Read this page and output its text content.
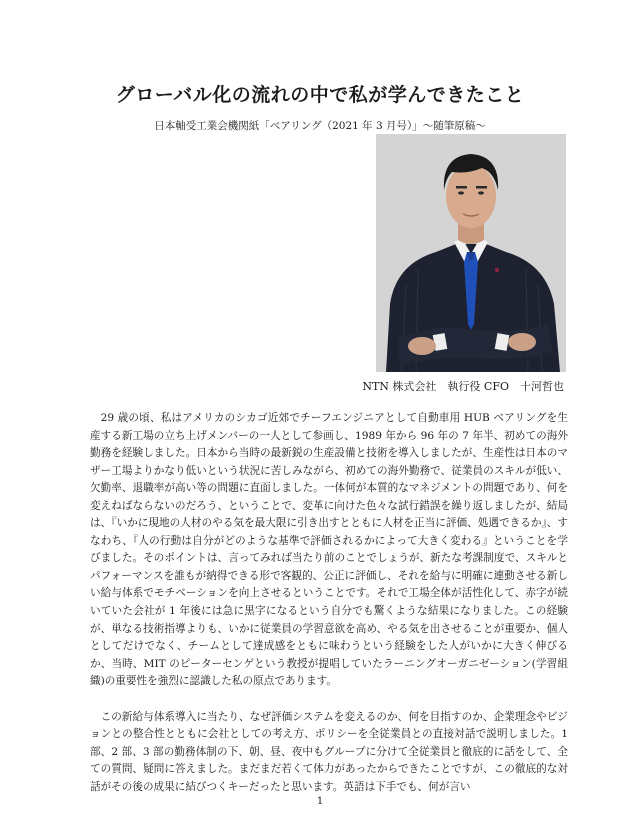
グローバル化の流れの中で私が学んできたこと
日本軸受工業会機関紙「ベアリング（2021 年 3 月号）」～随筆原稿～
NTN 株式会社　執行役 CFO　十河哲也

29 歳の頃、私はアメリカのシカゴ近郊でチーフエンジニアとして自動車用 HUB ベアリングを生産する新工場の立ち上げメンバーの一人として参画し、1989 年から 96 年の 7 年半、初めての海外勤務を経験しました。日本から当時の最新鋭の生産設備と技術を導入しましたが、生産性は日本のマザー工場よりかなり低いという状況に苦しみながら、初めての海外勤務で、従業員のスキルが低い、欠勤率、退職率が高い等の問題に直面しました。一体何が本質的なマネジメントの問題であり、何を変えねばならないのだろう、ということで、変革に向けた色々な試行錯誤を繰り返しましたが、結局は、『いかに現地の人材のやる気を最大限に引き出すとともに人材を正当に評価、処遇できるか』、すなわち、『人の行動は自分がどのような基準で評価されるかによって大きく変わる』ということを学びました。そのポイントは、言ってみれば当たり前のことでしょうが、新たな考課制度で、スキルとパフォーマンスを誰もが納得できる形で客観的、公正に評価し、それを給与に明確に連動させる新しい給与体系でモチベーションを向上させるということです。それで工場全体が活性化して、赤字が続いていた会社が 1 年後には急に黒字になるという自分でも驚くような結果になりました。この経験が、単なる技術指導よりも、いかに従業員の学習意欲を高め、やる気を出させることが重要か、個人としてだけでなく、チームとして達成感をともに味わうという経験をした人がいかに大きく伸びるか、当時、MIT のピーターセンゲという教授が提唱していたラーニングオーガニゼーション(学習組織)の重要性を強烈に認識した私の原点であります。

この新給与体系導入に当たり、なぜ評価システムを変えるのか、何を目指すのか、企業理念やビジョンとの整合性とともに会社としての考え方、ポリシーを全従業員との直接対話で説明しました。1 部、2 部、3 部の勤務体制の下、朝、昼、夜中もグループに分けて全従業員と徹底的に話をして、全ての質問、疑問に答えました。まだまだ若くて体力があったからできたことですが、この徹底的な対話がその後の成果に結びつくキーだったと思います。英語は下手でも、何が言い

1
